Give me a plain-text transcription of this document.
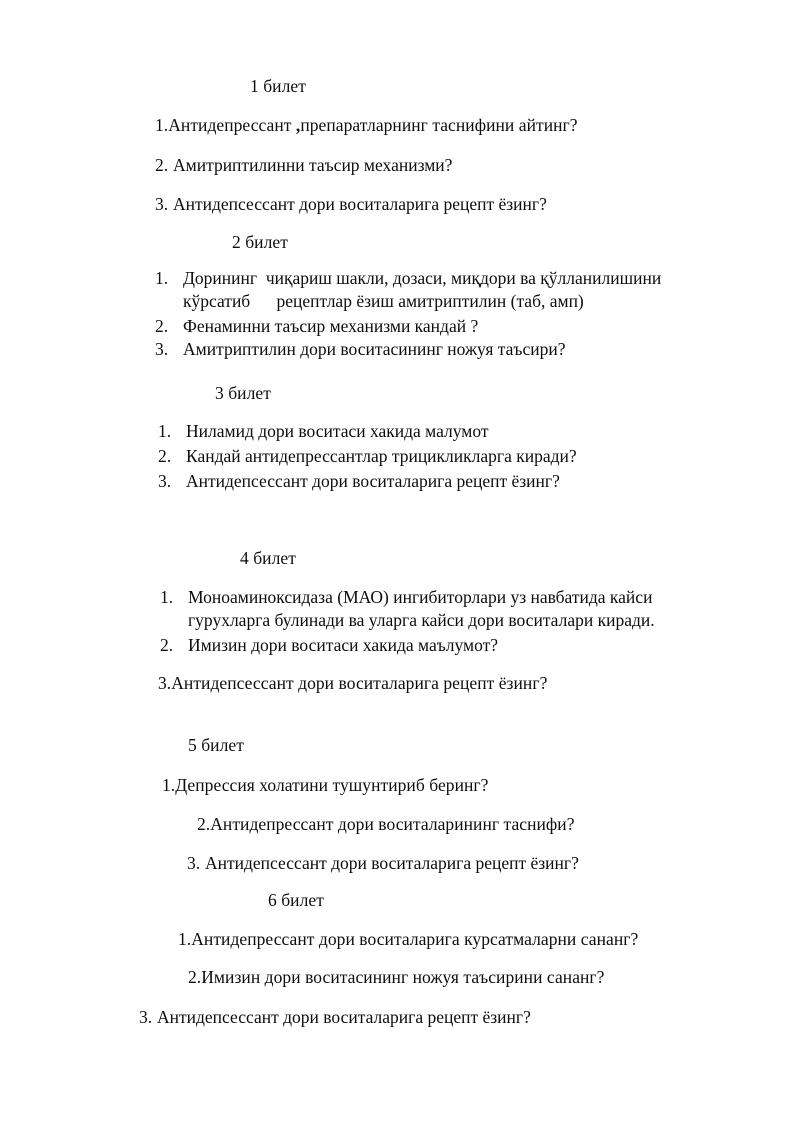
1 билет
1.Антидепрессант ,препаратларнинг таснифини айтинг?
2. Амитриптилинни таъсир механизми?
3. Антидепсессант дори воситаларига рецепт ёзинг?
2 билет
1. Дорининг  чиқариш шакли, дозаси, миқдори ва қўлланилишини кўрсатиб      рецептлар ёзиш амитриптилин (таб, амп)
2. Фенаминни таъсир механизми кандай ?
3. Амитриптилин дори воситасининг ножуя таъсири?
3 билет
1. Ниламид дори воситаси хакида малумот
2. Кандай антидепрессантлар трицикликларга киради?
3. Антидепсессант дори воситаларига рецепт ёзинг?
4 билет
1. Моноаминоксидаза (МАО) ингибиторлари уз навбатида кайси гурухларга булинади ва уларга кайси дори воситалари киради.
2. Имизин дори воситаси хакида маълумот?
3.Антидепсессант дори воситаларига рецепт ёзинг?
5 билет
1.Депрессия холатини тушунтириб беринг?
2.Антидепрессант дори воситаларининг таснифи?
3. Антидепсессант дори воситаларига рецепт ёзинг?
6 билет
1.Антидепрессант дори воситаларига курсатмаларни сананг?
2.Имизин дори воситасининг ножуя таъсирини сананг?
3. Антидепсессант дори воситаларига рецепт ёзинг?
